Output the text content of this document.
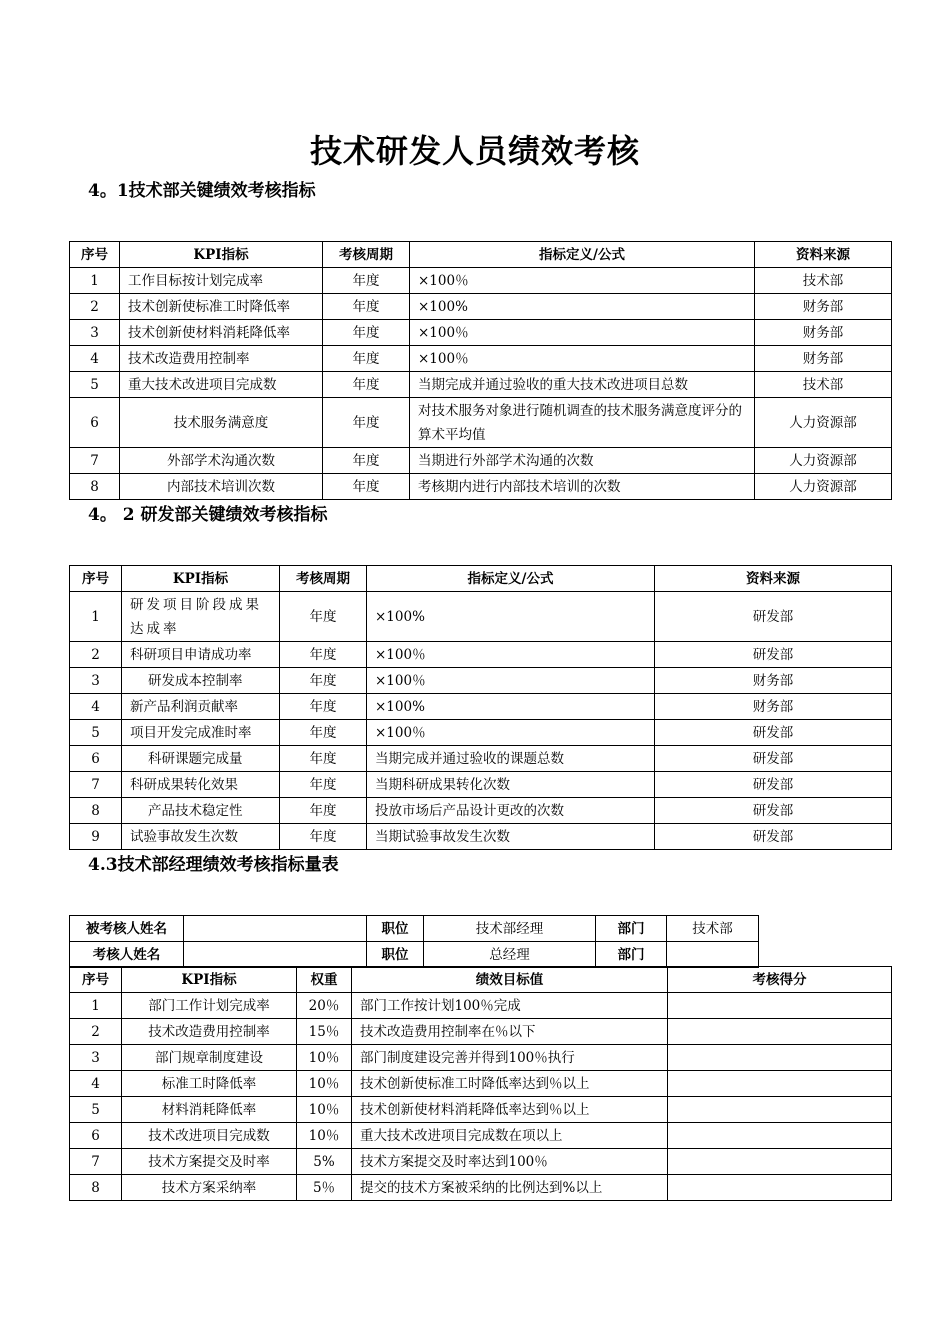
技术研发人员绩效考核
4。1技术部关键绩效考核指标
序号	KPI指标	考核周期	指标定义/公式	资料来源
1	工作目标按计划完成率	年度	×100％	技术部
2	技术创新使标准工时降低率	年度	×100%	财务部
3	技术创新使材料消耗降低率	年度	×100％	财务部
4	技术改造费用控制率	年度	×100％	财务部
5	重大技术改进项目完成数	年度	当期完成并通过验收的重大技术改进项目总数	技术部
6	技术服务满意度	年度	对技术服务对象进行随机调查的技术服务满意度评分的算术平均值	人力资源部
7	外部学术沟通次数	年度	当期进行外部学术沟通的次数	人力资源部
8	内部技术培训次数	年度	考核期内进行内部技术培训的次数	人力资源部
4。 2 研发部关键绩效考核指标
序号	KPI指标	考核周期	指标定义/公式	资料来源
1	研发项目阶段成果达成率	年度	×100%	研发部
2	科研项目申请成功率	年度	×100％	研发部
3	研发成本控制率	年度	×100％	财务部
4	新产品利润贡献率	年度	×100%	财务部
5	项目开发完成准时率	年度	×100％	研发部
6	科研课题完成量	年度	当期完成并通过验收的课题总数	研发部
7	科研成果转化效果	年度	当期科研成果转化次数	研发部
8	产品技术稳定性	年度	投放市场后产品设计更改的次数	研发部
9	试验事故发生次数	年度	当期试验事故发生次数	研发部
4.3技术部经理绩效考核指标量表
被考核人姓名		职位	技术部经理	部门	技术部
考核人姓名		职位	总经理	部门	
序号	KPI指标	权重	绩效目标值	考核得分
1	部门工作计划完成率	20％	部门工作按计划100％完成	
2	技术改造费用控制率	15％	技术改造费用控制率在％以下	
3	部门规章制度建设	10％	部门制度建设完善并得到100％执行	
4	标准工时降低率	10％	技术创新使标准工时降低率达到％以上	
5	材料消耗降低率	10％	技术创新使材料消耗降低率达到％以上	
6	技术改进项目完成数	10％	重大技术改进项目完成数在项以上	
7	技术方案提交及时率	5%	技术方案提交及时率达到100％	
8	技术方案采纳率	5％	提交的技术方案被采纳的比例达到%以上	
